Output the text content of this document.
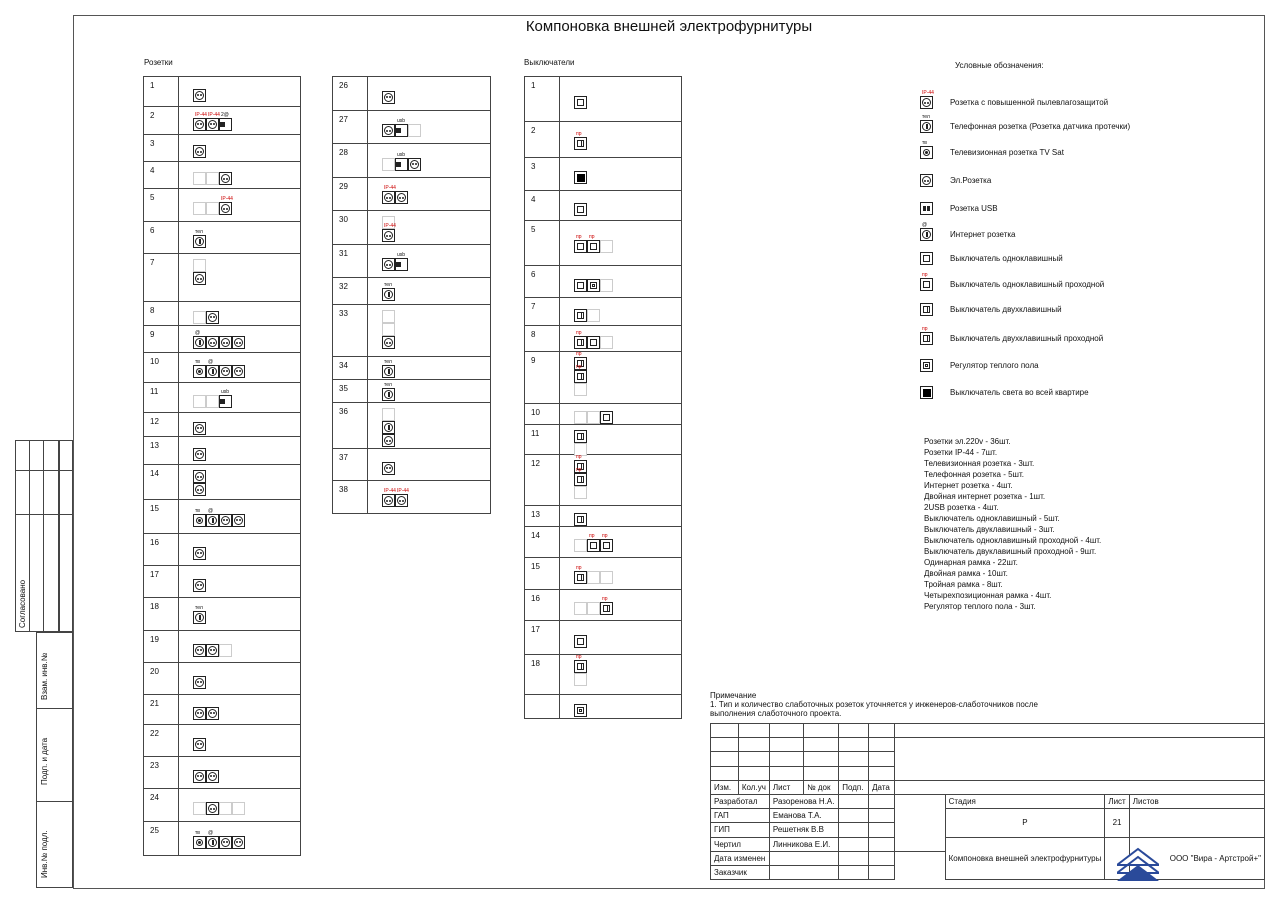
Компоновка внешней электрофурнитуры
Розетки	Выключатели	Условные обозначения:
1	

2	IP-44 IP-44 2@

3	

4	

5	IP-44

6	тел

7	

8	

9	@

10	тв @

11	usb

12	

13	

14	

15	тв @

16	

17	

18	тел

19	

20	

21	

22	

23	

24	

25	тв @
26	

27	usb

28	usb

29	IP-44

30	IP-44

31	usb

32	тел

33	

34	тел

35	тел

36	

37	

38	IP-44 IP-44
1	

2	пр

3	

4	

5	пр пр

6	

7	

8	пр

9	пр
пр

10	

11	

12	пр
пр

13	

14	пр пр

15	пр

16	пр

17	

18	пр

IP-44
Розетка с повышенной пылевлагозащитой
тел
Телефонная розетка (Розетка датчика протечки)
тв
Телевизионная розетка TV Sat
Эл.Розетка
Розетка USB
@
Интернет розетка
Выключатель одноклавишный
пр
Выключатель одноклавишный проходной
Выключатель двухклавишный
пр
Выключатель двухклавишный проходной
Регулятор теплого пола
Выключатель света во всей квартире
Розетки эл.220v - 36шт.
Розетки IP-44 - 7шт.
Телевизионная розетка - 3шт.
Телефонная розетка - 5шт.
Интернет розетка - 4шт.
Двойная интернет розетка - 1шт.
2USB розетка - 4шт.
Выключатель одноклавишный - 5шт.
Выключатель двуклавишный - 3шт.
Выключатель одноклавишный проходной - 4шт.
Выключатель двуклавишный проходной - 9шт.
Одинарная рамка - 22шт.
Двойная рамка - 10шт.
Тройная рамка - 8шт.
Четырехпозиционная рамка - 4шт.
Регулятор теплого пола - 3шт.
Примечание
1. Тип и количество слаботочных розеток уточняется у инженеров-слаботочников после
выполнения слаботочного проекта.

Изм.	Кол.уч	Лист	№ док	Подп.	Дата				
Разработал		Разоренова Н.А.					Стадия	Лист	Листов
ГАП		Еманова Т.А.					Р	21	
ГИП		Решетняк В.В							
Чертил		Линникова Е.И.					Компоновка внешней электрофурнитуры		ООО "Вира - Артстрой+"
Дата изменен									
Заказчик									
Согласовано
Взам. инв.№
Подп. и дата
Инв.№ подл.
